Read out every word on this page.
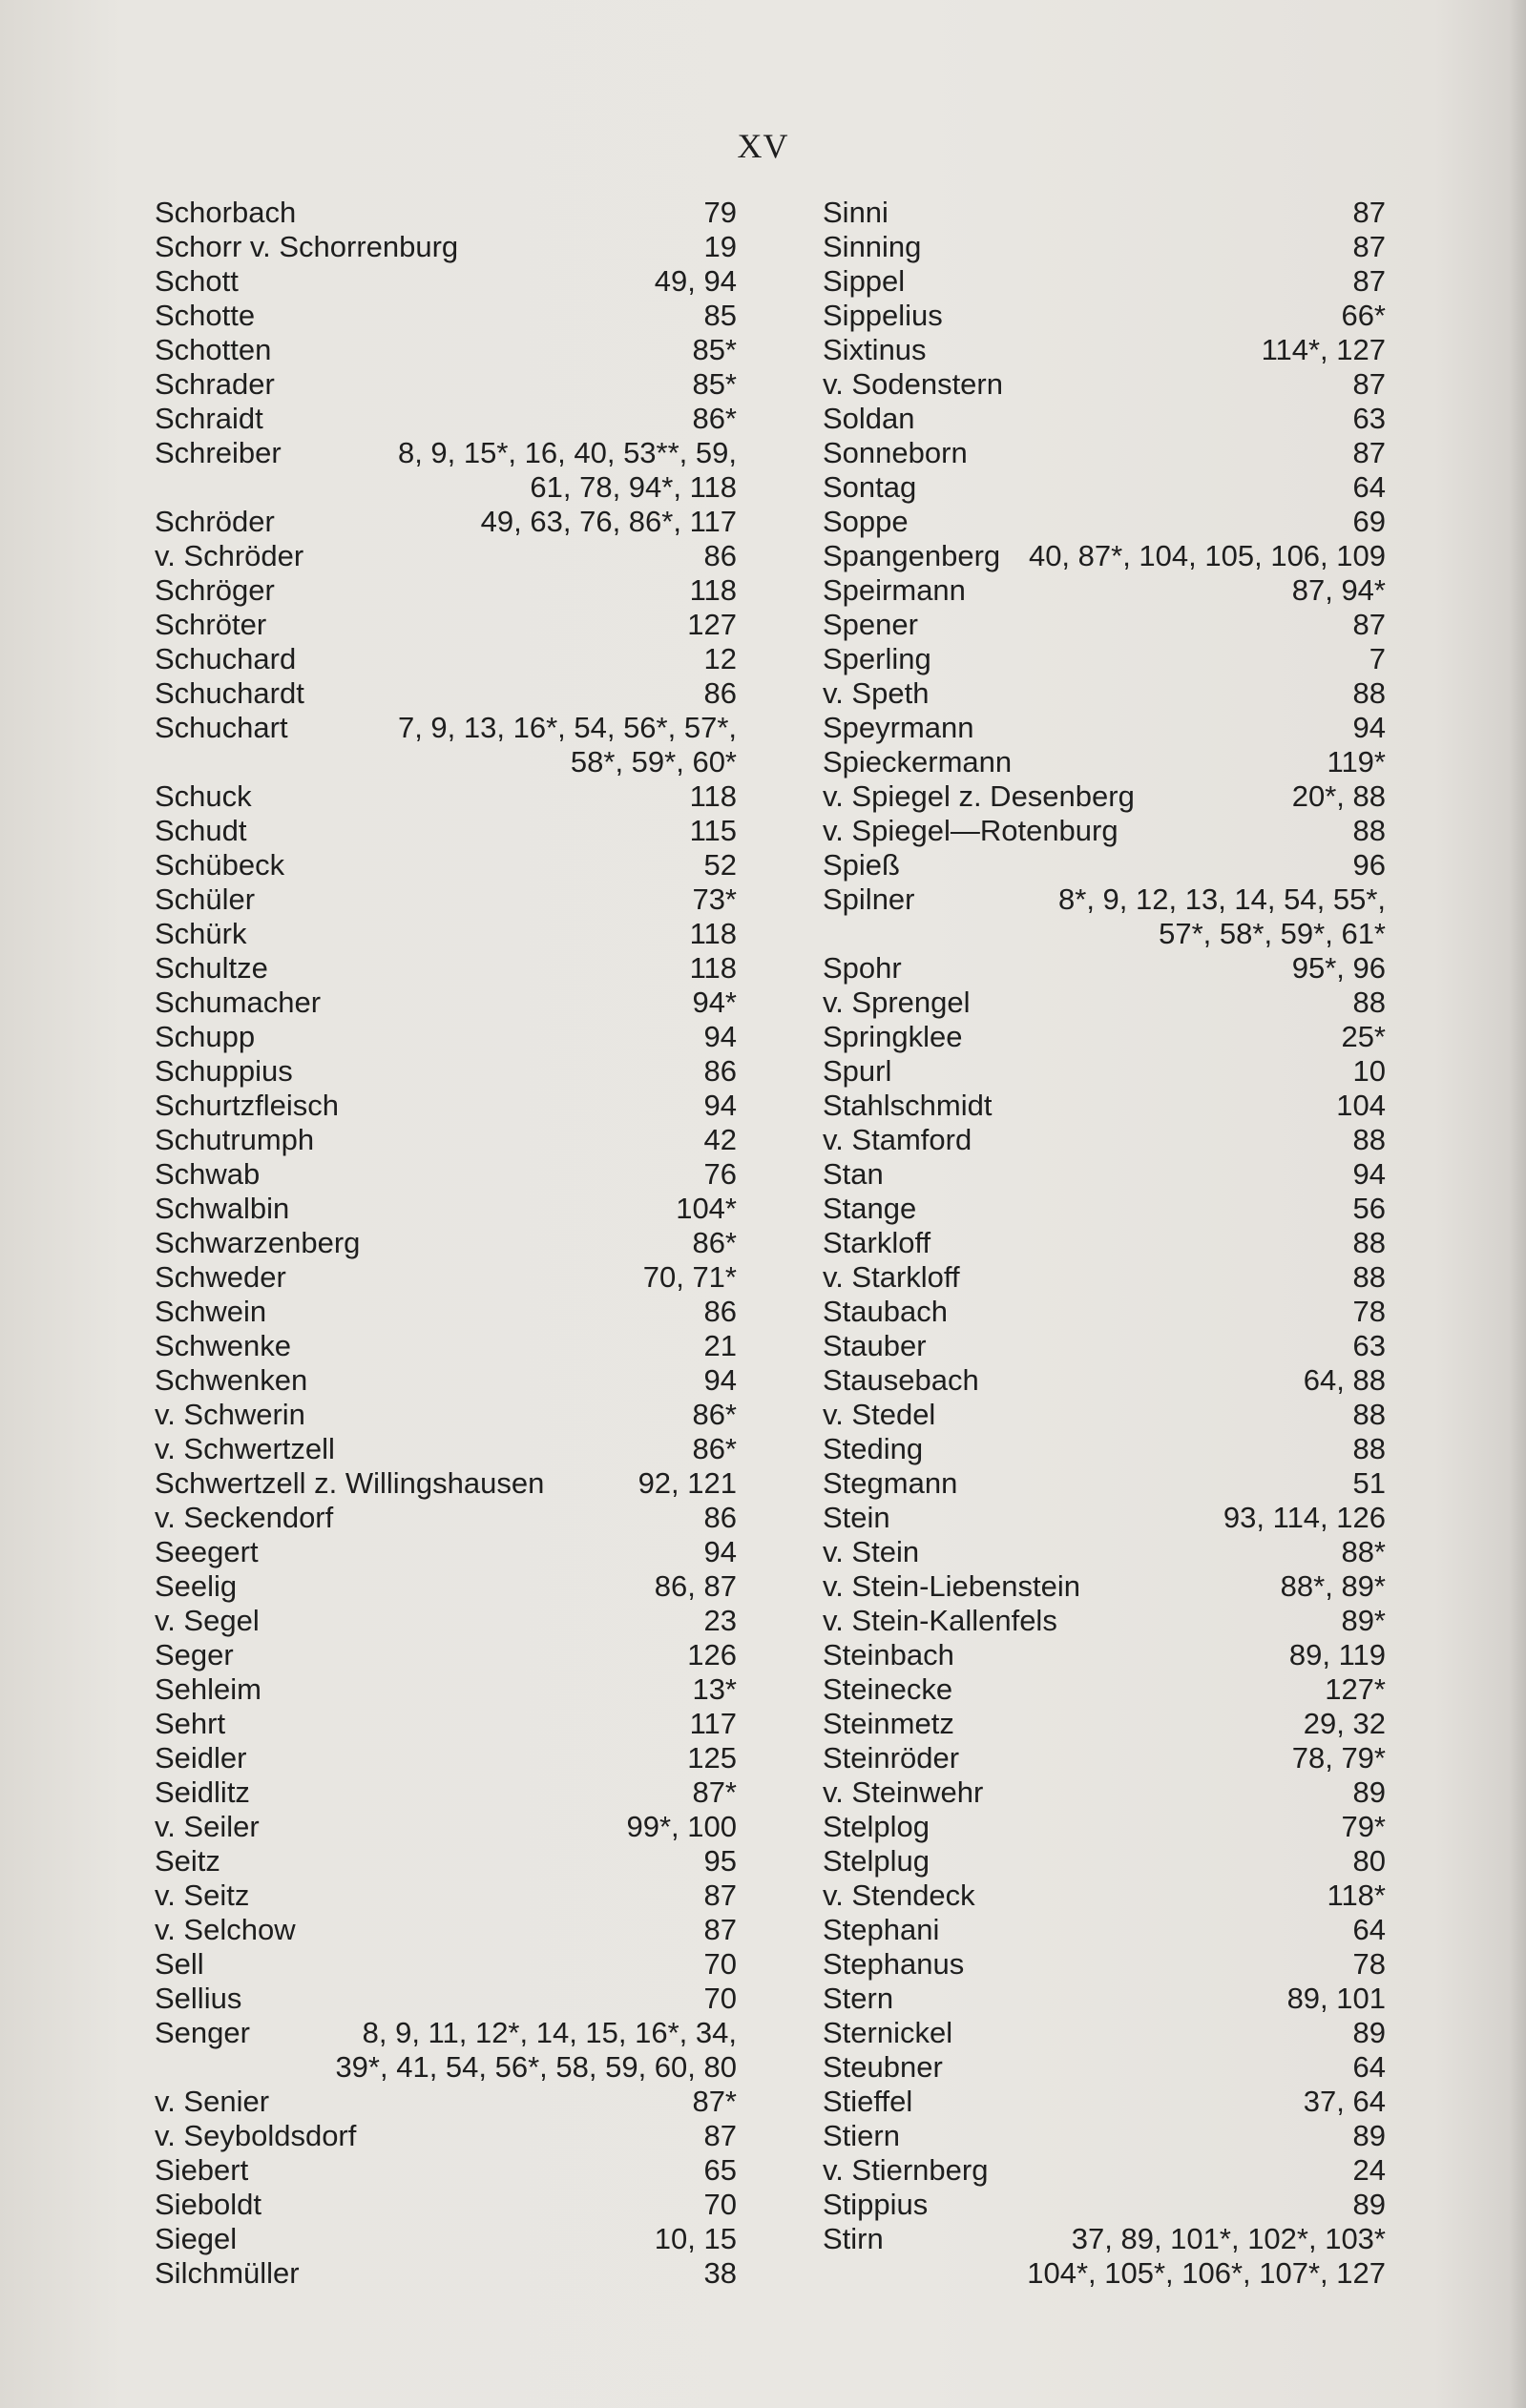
XV
Schorbach	79
Schorr v. Schorrenburg	19
Schott	49, 94
Schotte	85
Schotten	85*
Schrader	85*
Schraidt	86*
Schreiber	8, 9, 15*, 16, 40, 53**, 59,
61, 78, 94*, 118
Schröder	49, 63, 76, 86*, 117
v. Schröder	86
Schröger	118
Schröter	127
Schuchard	12
Schuchardt	86
Schuchart	7, 9, 13, 16*, 54, 56*, 57*,
58*, 59*, 60*
Schuck	118
Schudt	115
Schübeck	52
Schüler	73*
Schürk	118
Schultze	118
Schumacher	94*
Schupp	94
Schuppius	86
Schurtzfleisch	94
Schutrumph	42
Schwab	76
Schwalbin	104*
Schwarzenberg	86*
Schweder	70, 71*
Schwein	86
Schwenke	21
Schwenken	94
v. Schwerin	86*
v. Schwertzell	86*
Schwertzell z. Willingshausen	92, 121
v. Seckendorf	86
Seegert	94
Seelig	86, 87
v. Segel	23
Seger	126
Sehleim	13*
Sehrt	117
Seidler	125
Seidlitz	87*
v. Seiler	99*, 100
Seitz	95
v. Seitz	87
v. Selchow	87
Sell	70
Sellius	70
Senger	8, 9, 11, 12*, 14, 15, 16*, 34,
39*, 41, 54, 56*, 58, 59, 60, 80
v. Senier	87*
v. Seyboldsdorf	87
Siebert	65
Sieboldt	70
Siegel	10, 15
Silchmüller	38
Sinni	87
Sinning	87
Sippel	87
Sippelius	66*
Sixtinus	114*, 127
v. Sodenstern	87
Soldan	63
Sonneborn	87
Sontag	64
Soppe	69
Spangenberg 40, 87*, 104, 105, 106, 109
Speirmann	87, 94*
Spener	87
Sperling	7
v. Speth	88
Speyrmann	94
Spieckermann	119*
v. Spiegel z. Desenberg	20*, 88
v. Spiegel—Rotenburg	88
Spieß	96
Spilner	8*, 9, 12, 13, 14, 54, 55*,
57*, 58*, 59*, 61*
Spohr	95*, 96
v. Sprengel	88
Springklee	25*
Spurl	10
Stahlschmidt	104
v. Stamford	88
Stan	94
Stange	56
Starkloff	88
v. Starkloff	88
Staubach	78
Stauber	63
Stausebach	64, 88
v. Stedel	88
Steding	88
Stegmann	51
Stein	93, 114, 126
v. Stein	88*
v. Stein-Liebenstein	88*, 89*
v. Stein-Kallenfels	89*
Steinbach	89, 119
Steinecke	127*
Steinmetz	29, 32
Steinröder	78, 79*
v. Steinwehr	89
Stelplog	79*
Stelplug	80
v. Stendeck	118*
Stephani	64
Stephanus	78
Stern	89, 101
Sternickel	89
Steubner	64
Stieffel	37, 64
Stiern	89
v. Stiernberg	24
Stippius	89
Stirn	37, 89, 101*, 102*, 103*
104*, 105*, 106*, 107*, 127
